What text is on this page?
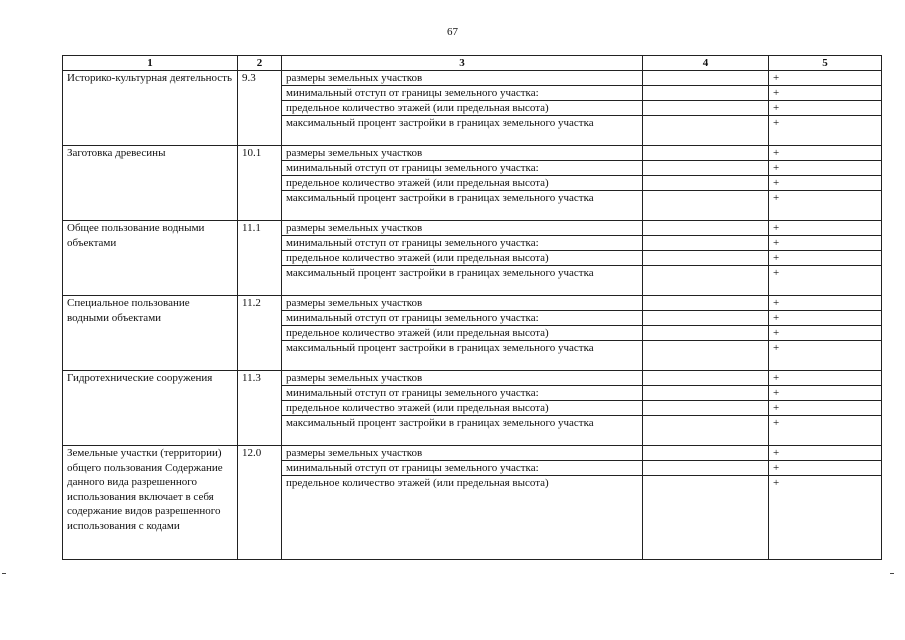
67
1	2	3	4	5
Историко-культурная деятельность	9.3	размеры земельных участков		+
		минимальный отступ от границы земельного участка:		+
		предельное количество этажей (или предельная высота)		+
		максимальный процент застройки в границах земельного участка		+
Заготовка древесины	10.1	размеры земельных участков		+
		минимальный отступ от границы земельного участка:		+
		предельное количество этажей (или предельная высота)		+
		максимальный процент застройки в границах земельного участка		+
Общее пользование водными объектами	11.1	размеры земельных участков		+
		минимальный отступ от границы земельного участка:		+
		предельное количество этажей (или предельная высота)		+
		максимальный процент застройки в границах земельного участка		+
Специальное пользование водными объектами	11.2	размеры земельных участков		+
		минимальный отступ от границы земельного участка:		+
		предельное количество этажей (или предельная высота)		+
		максимальный процент застройки в границах земельного участка		+
Гидротехнические сооружения	11.3	размеры земельных участков		+
		минимальный отступ от границы земельного участка:		+
		предельное количество этажей (или предельная высота)		+
		максимальный процент застройки в границах земельного участка		+
Земельные участки (территории) общего пользования Содержание данного вида разрешенного использования включает в себя содержание видов разрешенного использования с кодами	12.0	размеры земельных участков		+
		минимальный отступ от границы земельного участка:		+
		предельное количество этажей (или предельная высота)		+
